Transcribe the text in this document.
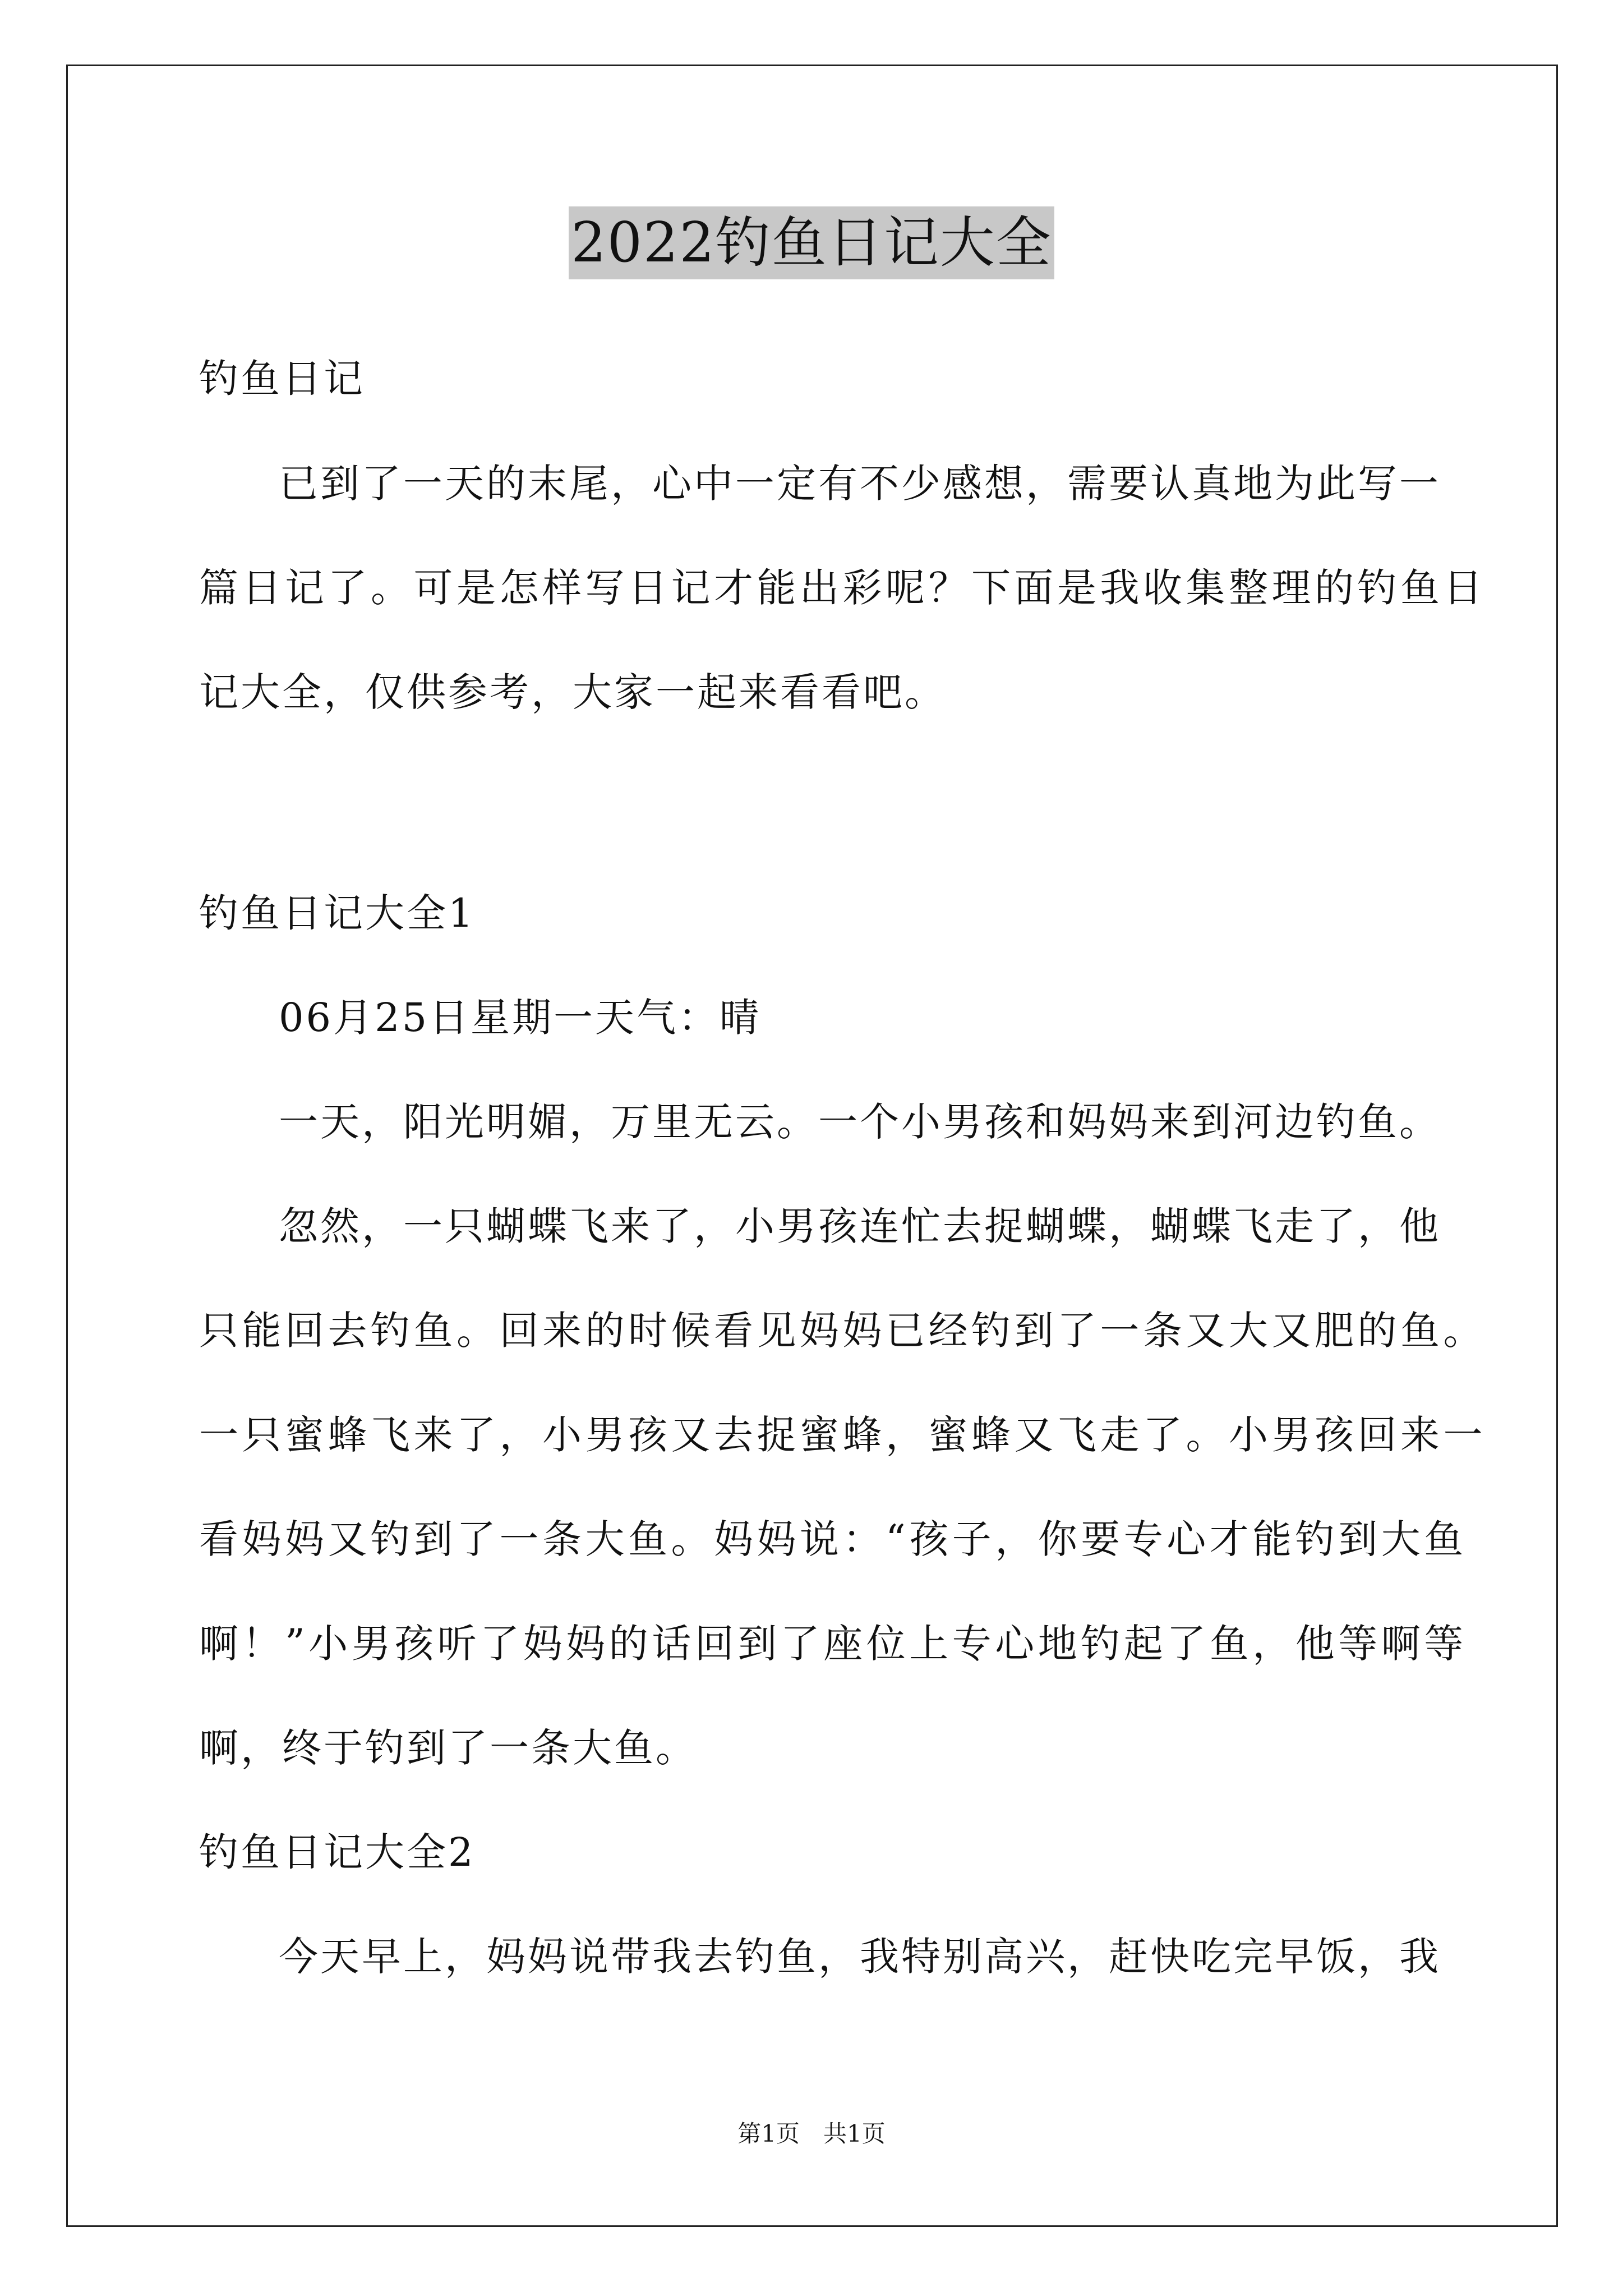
2022钓鱼日记大全
钓鱼日记
已到了一天的末尾，心中一定有不少感想，需要认真地为此写一
篇日记了。可是怎样写日记才能出彩呢？下面是我收集整理的钓鱼日
记大全，仅供参考，大家一起来看看吧。
钓鱼日记大全1
06月25日星期一天气：晴
一天，阳光明媚，万里无云。一个小男孩和妈妈来到河边钓鱼。
忽然，一只蝴蝶飞来了，小男孩连忙去捉蝴蝶，蝴蝶飞走了，他
只能回去钓鱼。回来的时候看见妈妈已经钓到了一条又大又肥的鱼。
一只蜜蜂飞来了，小男孩又去捉蜜蜂，蜜蜂又飞走了。小男孩回来一
看妈妈又钓到了一条大鱼。妈妈说：“孩子，你要专心才能钓到大鱼
啊！”小男孩听了妈妈的话回到了座位上专心地钓起了鱼，他等啊等
啊，终于钓到了一条大鱼。
钓鱼日记大全2
今天早上，妈妈说带我去钓鱼，我特别高兴，赶快吃完早饭，我
第1页　共1页
